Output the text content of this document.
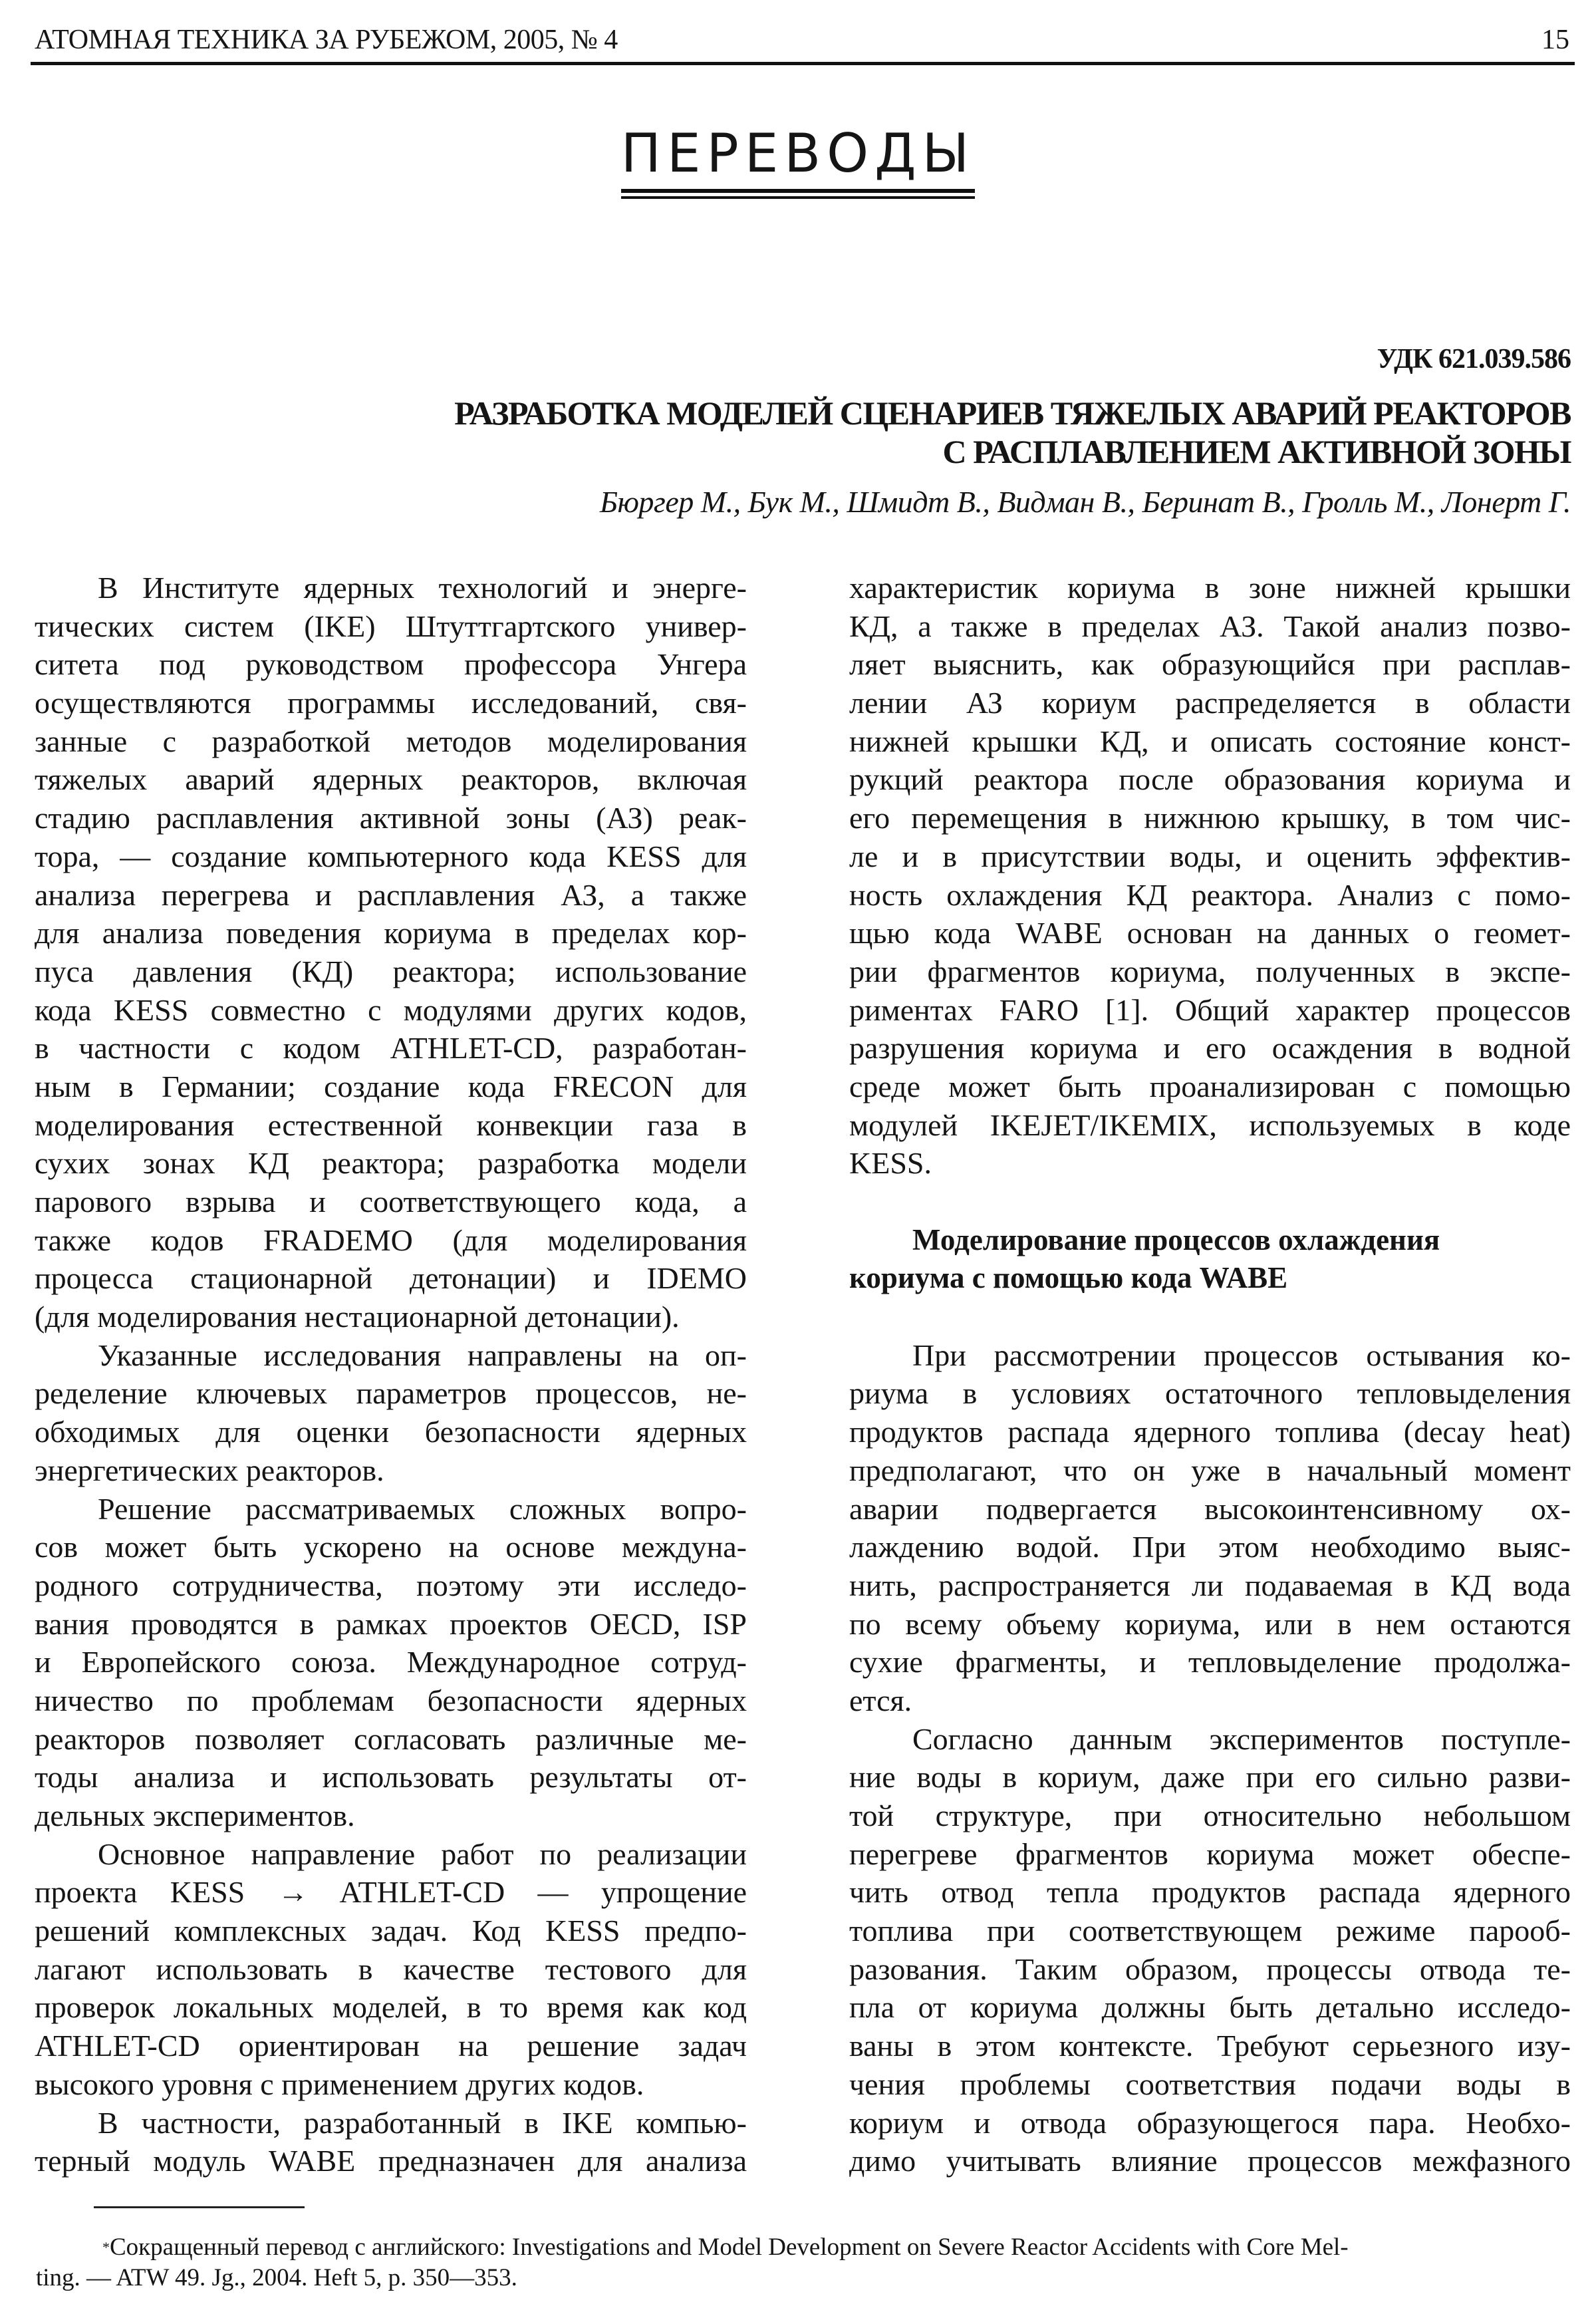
АТОМНАЯ ТЕХНИКА ЗА РУБЕЖОМ, 2005, № 4	15
ПЕРЕВОДЫ
УДК 621.039.586
РАЗРАБОТКА МОДЕЛЕЙ СЦЕНАРИЕВ ТЯЖЕЛЫХ АВАРИЙ РЕАКТОРОВ
С РАСПЛАВЛЕНИЕМ АКТИВНОЙ ЗОНЫ
Бюргер М., Бук М., Шмидт В., Видман В., Беринат В., Гролль М., Лонерт Г.
В Институте ядерных технологий и энерге-
тических систем (IKE) Штуттгартского универ-
ситета под руководством профессора Унгера
осуществляются программы исследований, свя-
занные с разработкой методов моделирования
тяжелых аварий ядерных реакторов, включая
стадию расплавления активной зоны (АЗ) реак-
тора, — создание компьютерного кода KESS для
анализа перегрева и расплавления АЗ, а также
для анализа поведения кориума в пределах кор-
пуса давления (КД) реактора; использование
кода KESS совместно с модулями других кодов,
в частности с кодом ATHLET-CD, разработан-
ным в Германии; создание кода FRECON для
моделирования естественной конвекции газа в
сухих зонах КД реактора; разработка модели
парового взрыва и соответствующего кода, а
также кодов FRADEMO (для моделирования
процесса стационарной детонации) и IDEMO
(для моделирования нестационарной детонации).
Указанные исследования направлены на оп-
ределение ключевых параметров процессов, не-
обходимых для оценки безопасности ядерных
энергетических реакторов.
Решение рассматриваемых сложных вопро-
сов может быть ускорено на основе междуна-
родного сотрудничества, поэтому эти исследо-
вания проводятся в рамках проектов OECD, ISP
и Европейского союза. Международное сотруд-
ничество по проблемам безопасности ядерных
реакторов позволяет согласовать различные ме-
тоды анализа и использовать результаты от-
дельных экспериментов.
Основное направление работ по реализации
проекта KESS → ATHLET-CD — упрощение
решений комплексных задач. Код KESS предпо-
лагают использовать в качестве тестового для
проверок локальных моделей, в то время как код
ATHLET-CD ориентирован на решение задач
высокого уровня с применением других кодов.
В частности, разработанный в IKE компью-
терный модуль WABE предназначен для анализа
характеристик кориума в зоне нижней крышки
КД, а также в пределах АЗ. Такой анализ позво-
ляет выяснить, как образующийся при расплав-
лении АЗ кориум распределяется в области
нижней крышки КД, и описать состояние конст-
рукций реактора после образования кориума и
его перемещения в нижнюю крышку, в том чис-
ле и в присутствии воды, и оценить эффектив-
ность охлаждения КД реактора. Анализ с помо-
щью кода WABE основан на данных о геомет-
рии фрагментов кориума, полученных в экспе-
риментах FARO [1]. Общий характер процессов
разрушения кориума и его осаждения в водной
среде может быть проанализирован с помощью
модулей IKEJET/IKEMIX, используемых в коде
KESS.
Моделирование процессов охлаждения
кориума с помощью кода WABE
При рассмотрении процессов остывания ко-
риума в условиях остаточного тепловыделения
продуктов распада ядерного топлива (decay heat)
предполагают, что он уже в начальный момент
аварии подвергается высокоинтенсивному ох-
лаждению водой. При этом необходимо выяс-
нить, распространяется ли подаваемая в КД вода
по всему объему кориума, или в нем остаются
сухие фрагменты, и тепловыделение продолжа-
ется.
Согласно данным экспериментов поступле-
ние воды в кориум, даже при его сильно разви-
той структуре, при относительно небольшом
перегреве фрагментов кориума может обеспе-
чить отвод тепла продуктов распада ядерного
топлива при соответствующем режиме парооб-
разования. Таким образом, процессы отвода те-
пла от кориума должны быть детально исследо-
ваны в этом контексте. Требуют серьезного изу-
чения проблемы соответствия подачи воды в
кориум и отвода образующегося пара. Необхо-
димо учитывать влияние процессов межфазного
*Сокращенный перевод с английского: Investigations and Model Development on Severe Reactor Accidents with Core Mel-
ting. — ATW 49. Jg., 2004. Heft 5, p. 350—353.
